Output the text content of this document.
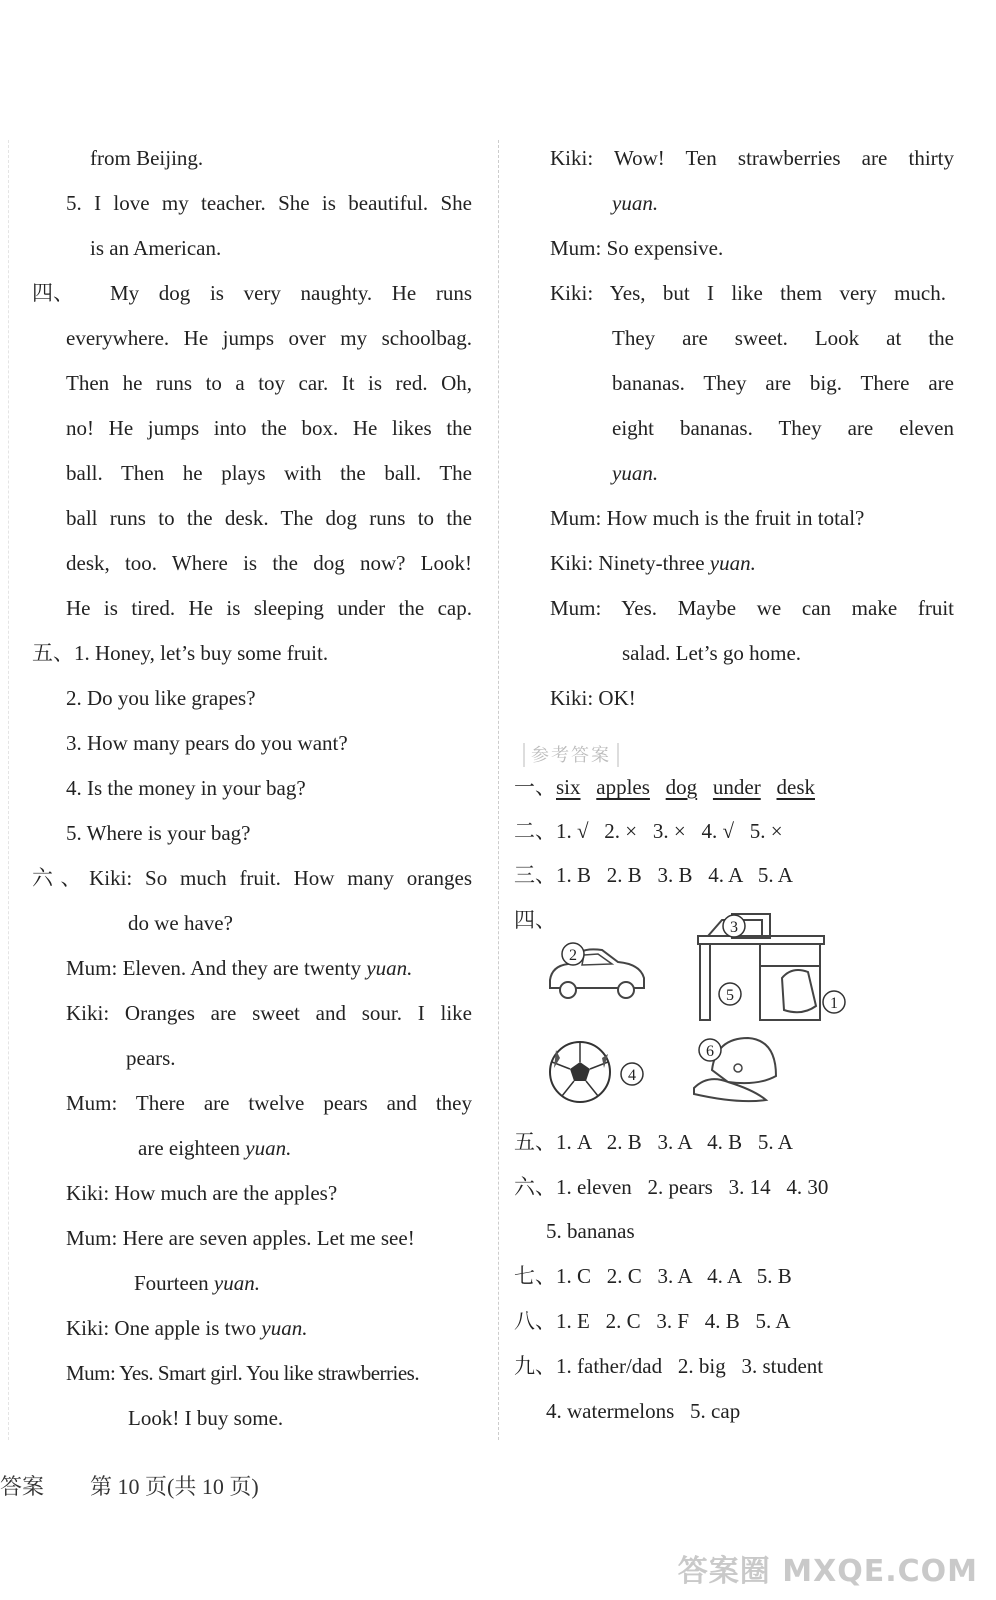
from Beijing.
5. I love my teacher. She is beautiful. She
is an American.
四、 My dog is very naughty. He runs
everywhere. He jumps over my schoolbag.
Then he runs to a toy car. It is red. Oh,
no! He jumps into the box. He likes the
ball. Then he plays with the ball. The
ball runs to the desk. The dog runs to the
desk, too. Where is the dog now? Look!
He is tired. He is sleeping under the cap.
五、1. Honey, let’s buy some fruit.
2. Do you like grapes?
3. How many pears do you want?
4. Is the money in your bag?
5. Where is your bag?
六、Kiki: So much fruit. How many oranges
do we have?
Mum: Eleven. And they are twenty yuan.
Kiki: Oranges are sweet and sour. I like
pears.
Mum: There are twelve pears and they
are eighteen yuan.
Kiki: How much are the apples?
Mum: Here are seven apples. Let me see!
Fourteen yuan.
Kiki: One apple is two yuan.
Mum: Yes. Smart girl. You like strawberries.
Look! I buy some.
Kiki: Wow! Ten strawberries are thirty
yuan.
Mum: So expensive.
Kiki: Yes, but I like them very much.
They are sweet. Look at the
bananas. They are big. There are
eight bananas. They are eleven
yuan.
Mum: How much is the fruit in total?
Kiki: Ninety-three yuan.
Mum: Yes. Maybe we can make fruit
salad. Let’s go home.
Kiki: OK!
参考答案
一、six apples dog under desk
二、1. √   2. ×   3. ×   4. √   5. ×
三、1. B   2. B   3. B   4. A   5. A
四、
2
3
5	1
4
6
五、1. A   2. B   3. A   4. B   5. A
六、1. eleven   2. pears   3. 14   4. 30
5. bananas
七、1. C   2. C   3. A   4. A   5. B
八、1. E   2. C   3. F   4. B   5. A
九、1. father/dad   2. big   3. student
4. watermelons   5. cap
答案 第 10 页(共 10 页)
答案圈 MXQE.COM
